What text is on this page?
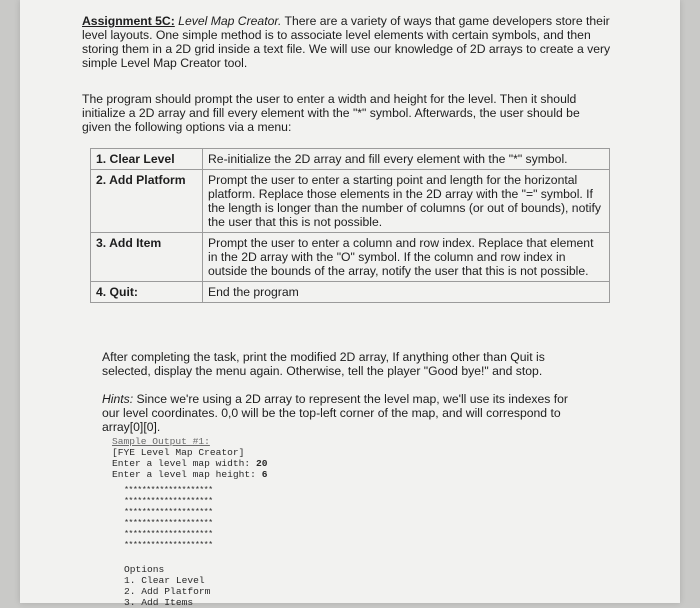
Assignment 5C: Level Map Creator. There are a variety of ways that game developers store their level layouts. One simple method is to associate level elements with certain symbols, and then storing them in a 2D grid inside a text file. We will use our knowledge of 2D arrays to create a very simple Level Map Creator tool.

The program should prompt the user to enter a width and height for the level. Then it should initialize a 2D array and fill every element with the "*" symbol. Afterwards, the user should be given the following options via a menu:

1. Clear Level	Re-initialize the 2D array and fill every element with the "*" symbol.
2. Add Platform	Prompt the user to enter a starting point and length for the horizontal platform. Replace those elements in the 2D array with the "=" symbol. If the length is longer than the number of columns (or out of bounds), notify the user that this is not possible.
3. Add Item	Prompt the user to enter a column and row index. Replace that element in the 2D array with the "O" symbol. If the column and row index in outside the bounds of the array, notify the user that this is not possible.
4. Quit:	End the program

After completing the task, print the modified 2D array, If anything other than Quit is selected, display the menu again. Otherwise, tell the player "Good bye!" and stop.

Hints: Since we're using a 2D array to represent the level map, we'll use its indexes for our level coordinates. 0,0 will be the top-left corner of the map, and will correspond to array[0][0].

Sample Output #1:
[FYE Level Map Creator]
Enter a level map width: 20
Enter a level map height: 6
********************
********************
********************
********************
********************
********************
Options
1. Clear Level
2. Add Platform
3. Add Items
